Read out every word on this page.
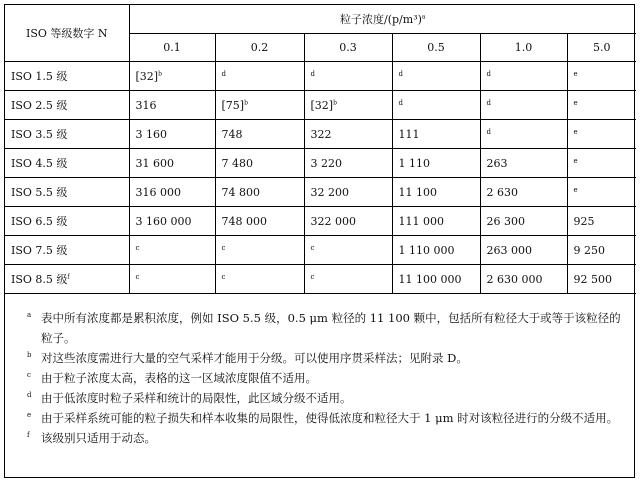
ISO 等级数字 N	粒子浓度$/(p/m^3)^a$
	0.1	0.2	0.3	0.5	1.0	5.0
ISO 1.5 级	$[32]^b$	$^d$	$^d$	$^d$	$^d$	$^e$
ISO 2.5 级	316	$[75]^b$	$[32]^b$	$^d$	$^d$	$^e$
ISO 3.5 级	3 160	748	322	111	$^d$	$^e$
ISO 4.5 级	31 600	7 480	3 220	1 110	263	$^e$
ISO 5.5 级	316 000	74 800	32 200	11 100	2 630	$^e$
ISO 6.5 级	3 160 000	748 000	322 000	111 000	26 300	925
ISO 7.5 级	$^c$	$^c$	$^c$	1 110 000	263 000	9 250
ISO 8.5 级$^f$	$^c$	$^c$	$^c$	11 100 000	2 630 000	92 500
a 表中所有浓度都是累积浓度，例如 ISO 5.5 级，0.5 μm 粒径的 11 100 颗中，包括所有粒径大于或等于该粒径的粒子。
b 对这些浓度需进行大量的空气采样才能用于分级。可以使用序贯采样法；见附录 D。
c 由于粒子浓度太高，表格的这一区域浓度限值不适用。
d 由于低浓度时粒子采样和统计的局限性，此区域分级不适用。
e 由于采样系统可能的粒子损失和样本收集的局限性，使得低浓度和粒径大于 1 μm 时对该粒径进行的分级不适用。
f 该级别只适用于动态。
